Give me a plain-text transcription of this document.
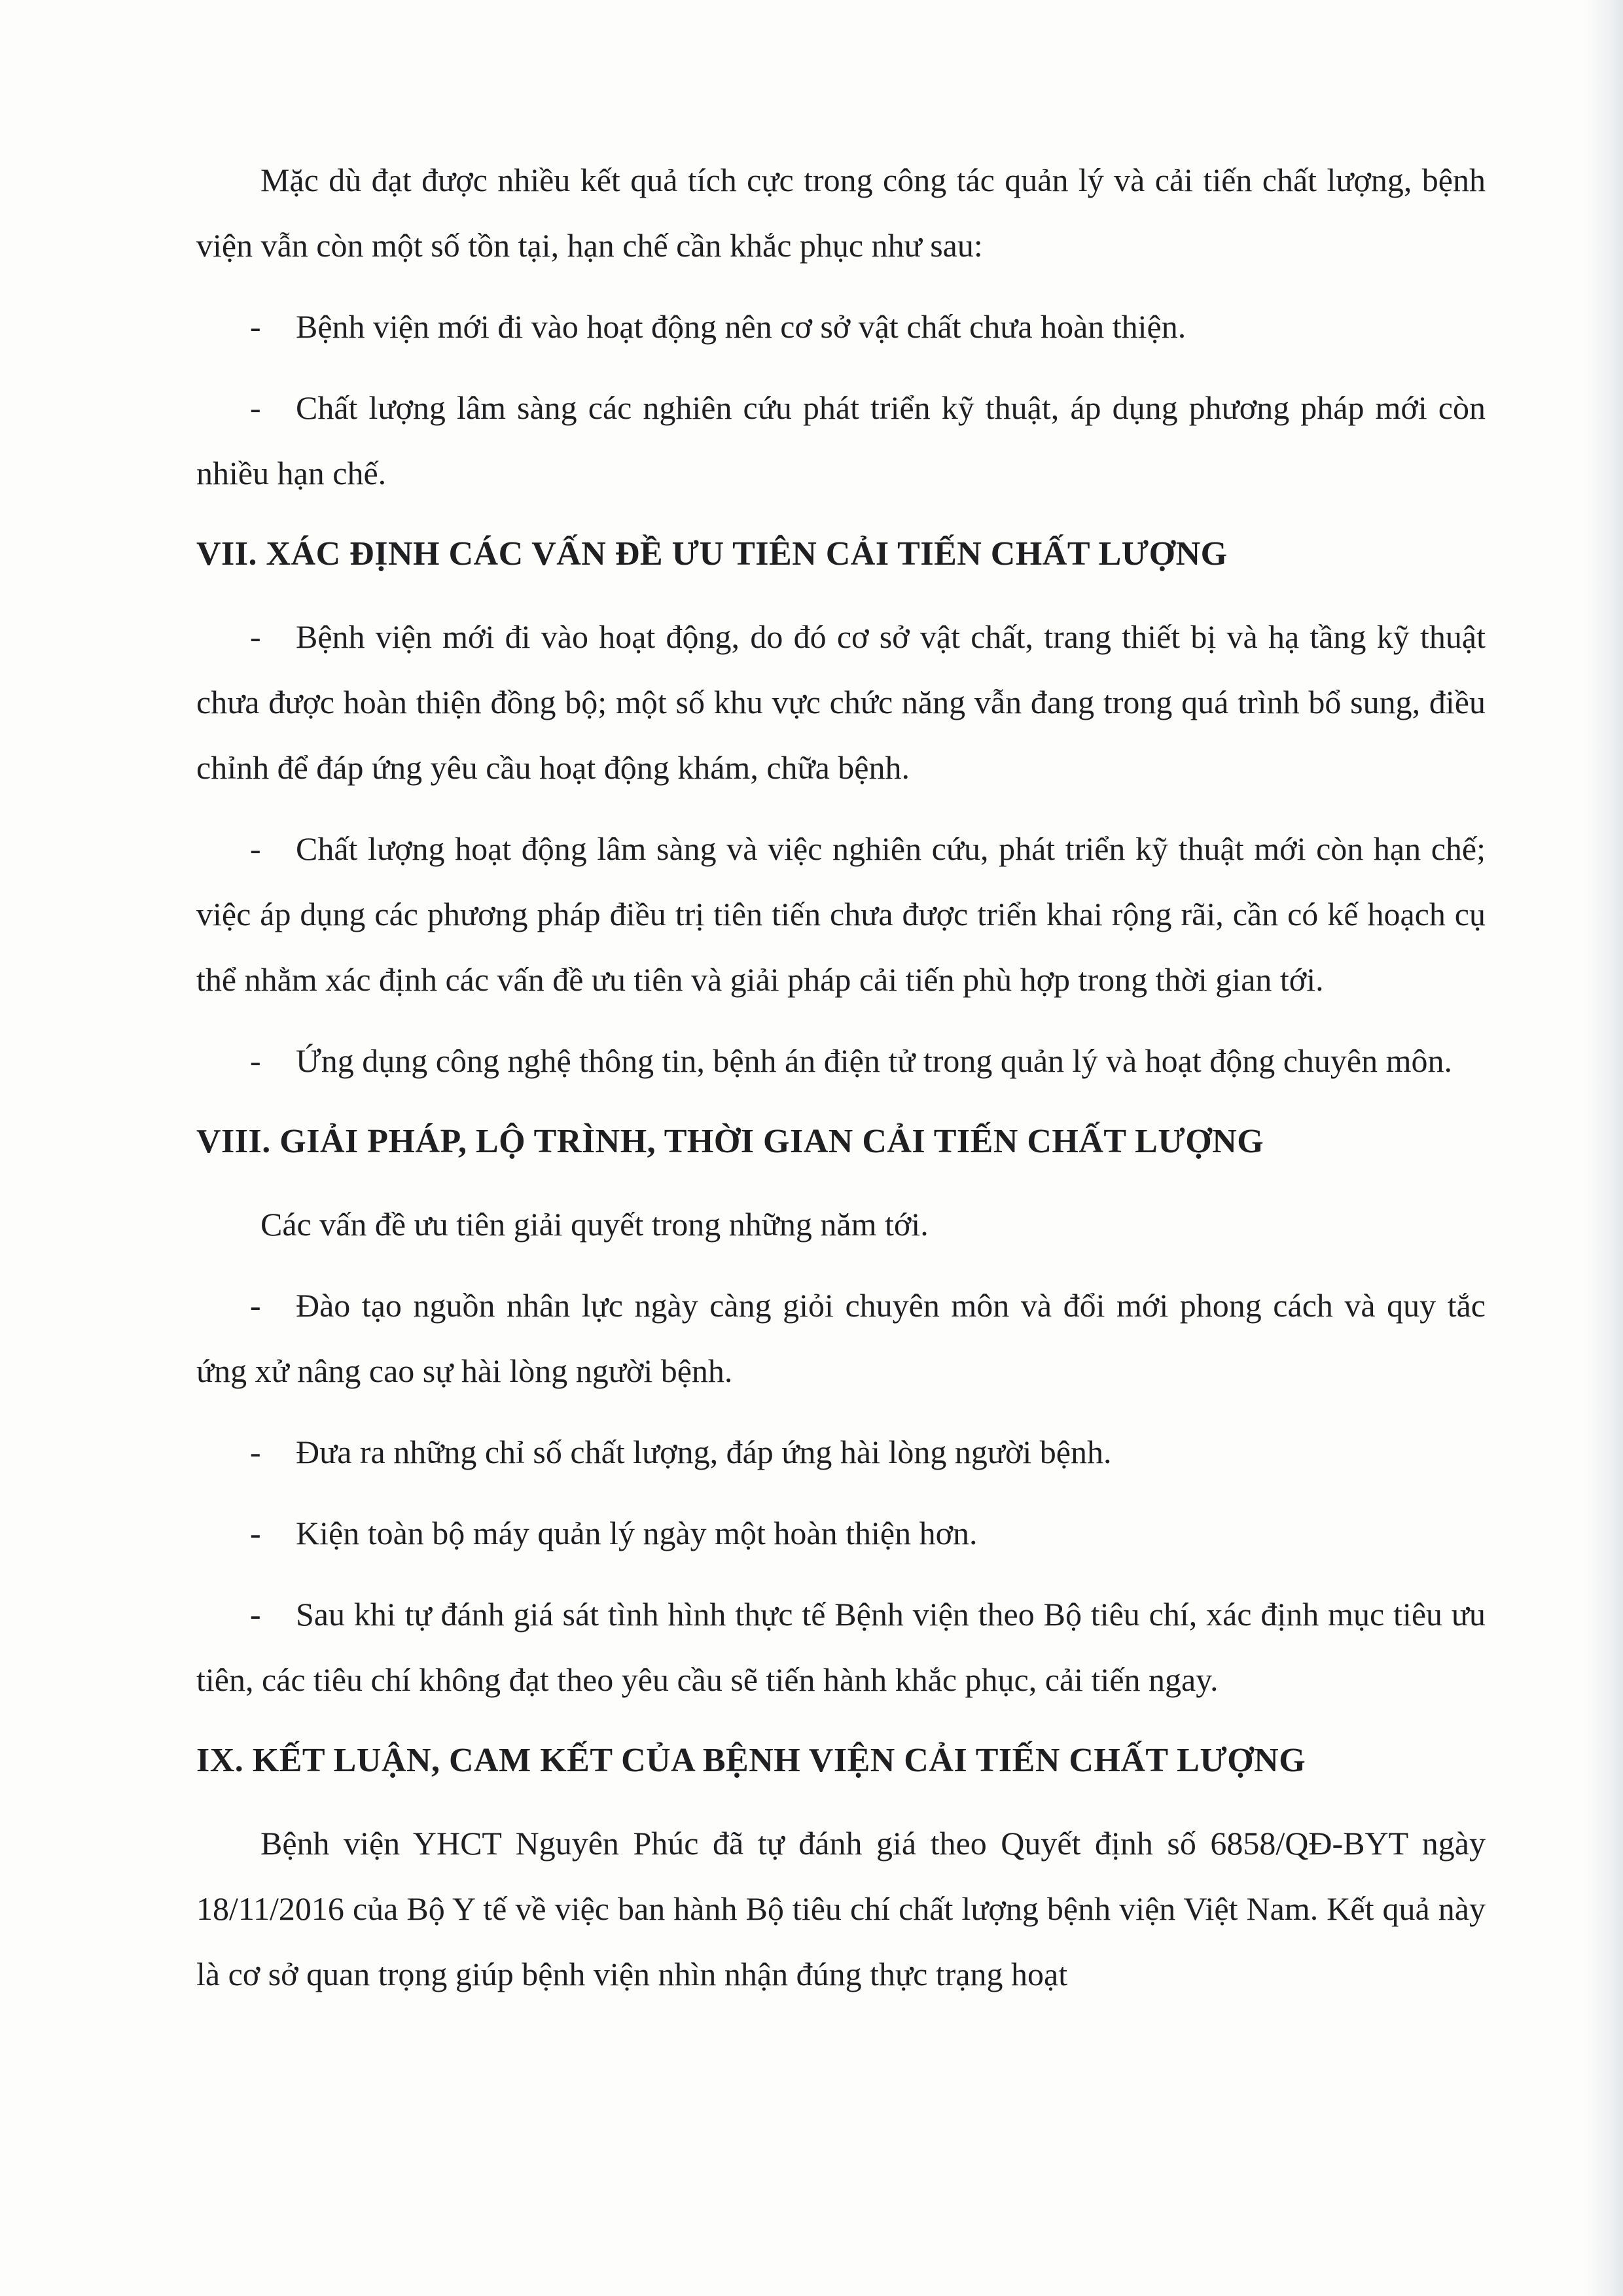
Mặc dù đạt được nhiều kết quả tích cực trong công tác quản lý và cải tiến chất lượng, bệnh viện vẫn còn một số tồn tại, hạn chế cần khắc phục như sau:

- Bệnh viện mới đi vào hoạt động nên cơ sở vật chất chưa hoàn thiện.

- Chất lượng lâm sàng các nghiên cứu phát triển kỹ thuật, áp dụng phương pháp mới còn nhiều hạn chế.

VII. XÁC ĐỊNH CÁC VẤN ĐỀ ƯU TIÊN CẢI TIẾN CHẤT LƯỢNG

- Bệnh viện mới đi vào hoạt động, do đó cơ sở vật chất, trang thiết bị và hạ tầng kỹ thuật chưa được hoàn thiện đồng bộ; một số khu vực chức năng vẫn đang trong quá trình bổ sung, điều chỉnh để đáp ứng yêu cầu hoạt động khám, chữa bệnh.

- Chất lượng hoạt động lâm sàng và việc nghiên cứu, phát triển kỹ thuật mới còn hạn chế; việc áp dụng các phương pháp điều trị tiên tiến chưa được triển khai rộng rãi, cần có kế hoạch cụ thể nhằm xác định các vấn đề ưu tiên và giải pháp cải tiến phù hợp trong thời gian tới.

- Ứng dụng công nghệ thông tin, bệnh án điện tử trong quản lý và hoạt động chuyên môn.

VIII. GIẢI PHÁP, LỘ TRÌNH, THỜI GIAN CẢI TIẾN CHẤT LƯỢNG

Các vấn đề ưu tiên giải quyết trong những năm tới.

- Đào tạo nguồn nhân lực ngày càng giỏi chuyên môn và đổi mới phong cách và quy tắc ứng xử nâng cao sự hài lòng người bệnh.

- Đưa ra những chỉ số chất lượng, đáp ứng hài lòng người bệnh.

- Kiện toàn bộ máy quản lý ngày một hoàn thiện hơn.

- Sau khi tự đánh giá sát tình hình thực tế Bệnh viện theo Bộ tiêu chí, xác định mục tiêu ưu tiên, các tiêu chí không đạt theo yêu cầu sẽ tiến hành khắc phục, cải tiến ngay.

IX. KẾT LUẬN, CAM KẾT CỦA BỆNH VIỆN CẢI TIẾN CHẤT LƯỢNG

Bệnh viện YHCT Nguyên Phúc đã tự đánh giá theo Quyết định số 6858/QĐ-BYT ngày 18/11/2016 của Bộ Y tế về việc ban hành Bộ tiêu chí chất lượng bệnh viện Việt Nam. Kết quả này là cơ sở quan trọng giúp bệnh viện nhìn nhận đúng thực trạng hoạt
